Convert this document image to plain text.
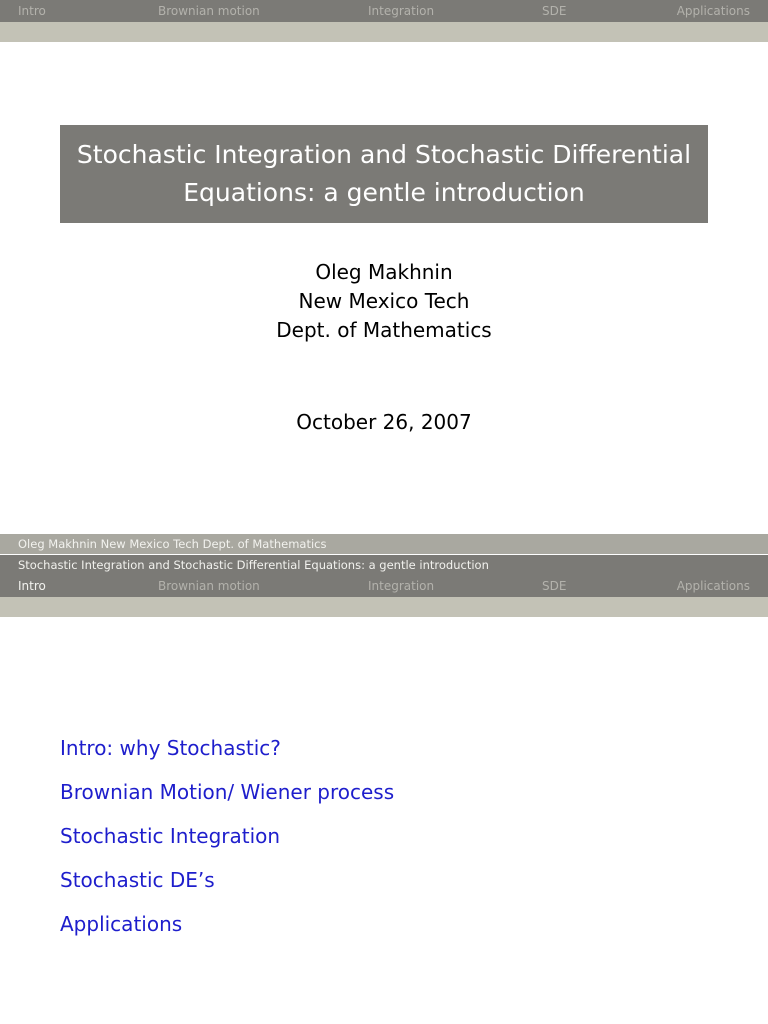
Intro	Brownian motion	Integration	SDE	Applications
Stochastic Integration and Stochastic Differential
Equations: a gentle introduction
Oleg Makhnin
New Mexico Tech
Dept. of Mathematics
October 26, 2007
Oleg Makhnin New Mexico Tech Dept. of Mathematics
Stochastic Integration and Stochastic Differential Equations: a gentle introduction
Intro	Brownian motion	Integration	SDE	Applications
Intro: why Stochastic?
Brownian Motion/ Wiener process
Stochastic Integration
Stochastic DE’s
Applications
